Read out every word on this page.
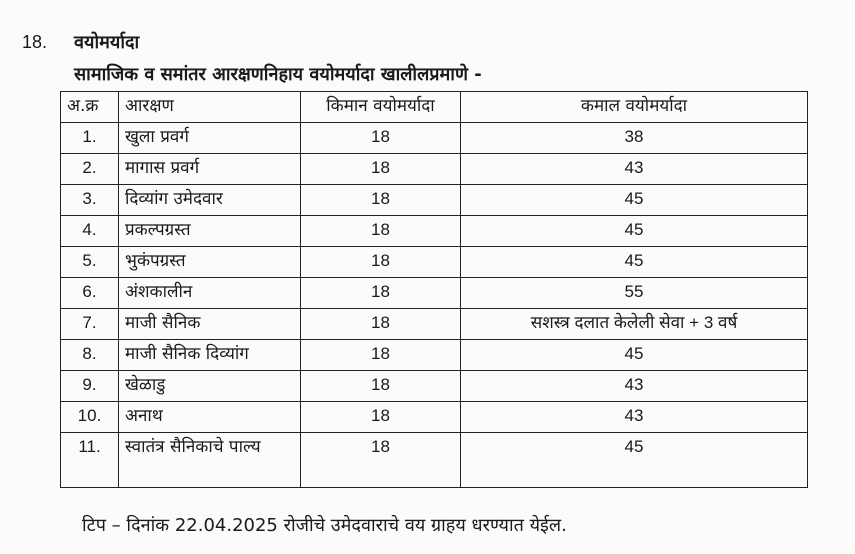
18.	वयोमर्यादा
सामाजिक व समांतर आरक्षणनिहाय वयोमर्यादा खालीलप्रमाणे -
अ.क्र	आरक्षण	किमान वयोमर्यादा	कमाल वयोमर्यादा
1.	खुला प्रवर्ग	18	38
2.	मागास प्रवर्ग	18	43
3.	दिव्यांग उमेदवार	18	45
4.	प्रकल्पग्रस्त	18	45
5.	भुकंपग्रस्त	18	45
6.	अंशकालीन	18	55
7.	माजी सैनिक	18	सशस्त्र दलात केलेली सेवा + 3 वर्ष
8.	माजी सैनिक दिव्यांग	18	45
9.	खेळाडु	18	43
10.	अनाथ	18	43
11.	स्वातंत्र सैनिकाचे पाल्य	18	45
टिप – दिनांक 22.04.2025 रोजीचे उमेदवाराचे वय ग्राहय धरण्यात येईल.
